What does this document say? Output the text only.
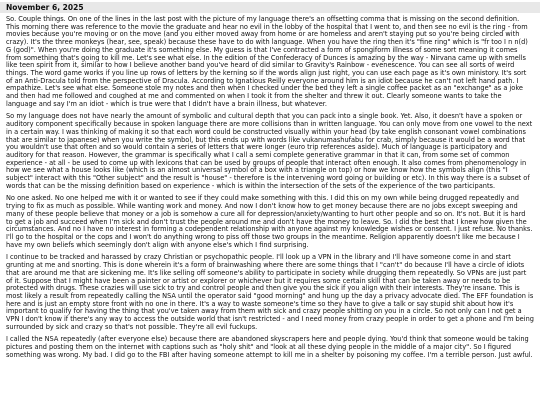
November 6, 2025

So. Couple things. On one of the lines in the last post with the picture of my language there's an offsetting comma that is missing on the second definition. This morning there was reference to the movie the graduate and hear no evil in the lobby of the hospital that I went to, and then see no evil is the ring - from movies because you're moving or on the move (and you either moved away from home or are homeless and aren't staying put so you're being circled with crazy). It's the three monkeys (hear, see, speak) because these have to do with language. When you have the ring then it's "fine ring" which is "fr too I n n(d) G (god)". When you're doing the graduate it's something else. My guess is that I've contracted a form of spongiform illness of some sort meaning it comes from something that's going to kill me. Let's see what else. In the edition of the Confederacy of Dunces is amazing by the way - Nirvana came up with smells like teen spirit from it, similar to how I believe another band you've heard of did similar to Gravity's Rainbow - evenescence. You can see all sorts of weird things. The word game works if you line up rows of letters by the kerning so if the words align just right, you can use each page as it's own ministory. It's sort of an Anti-Dracula told from the perspective of Dracula. According to Ignatious Reilly everyone around him is an idiot because he can't not left hand path. I empathize. Let's see what else. Someone stole my notes and then when I checked under the bed they left a single coffee packet as an "exchange" as a joke and then had me followed and coughed at me and commented on when I took it from the shelter and threw it out. Clearly someone wants to take the language and say I'm an idiot - which is true were that I didn't have a brain illness, but whatever.

So my language does not have nearly the amount of symbolic and cultural depth that you can pack into a single book. Yet. Also, it doesn't have a spoken or auditory component specifically because in spoken language there are more collisions than in written language. You can only move from one vowel to the next in a certain way. I was thinking of making it so that each word could be constructed visually within your head (by take english consonant vowel combinations that are similar to japanese) when you write the symbol, but this ends up with words like vukanumashufabu for crab, simply because it would be a word that you wouldn't use that often and so would contain a series of letters that were longer (euro trip references aside). Much of language is participatory and auditory for that reason. However, the grammar is specifically what I call a semi complete generative grammar in that it can, from some set of common experience - at all - be used to come up with lexicons that can be used by groups of people that interact often enough. It also comes from phenomenology in how we see what a house looks like (which is an almost universal symbol of a box with a triangle on top) or how we know how the symbols align (this "I subject" interact with this "Other subject" and the result is "house" - therefore is the intervening word going or building or etc). In this way there is a subset of words that can be the missing definition based on experience - which is within the intersection of the sets of the experience of the two participants.

No one asked. No one helped me with it or wanted to see if they could make something with this. I did this on my own while being drugged repeatedly and trying to fix as much as possible. While wanting work and money. And now I don't know how to get money because there are no jobs except sweeping and many of these people believe that money or a job is somehow a cure all for depression/anxiety/wanting to hurt other people and so on. It's not. But it is hard to get a job and succeed when I'm sick and don't trust the people around me and don't have the money to leave. So. I did the best that I knew how given the circumstances. And no I have no interest in forming a codependent relationship with anyone against my knowledge wishes or consent. I just refuse. No thanks. I'll go to the hospital or the cops and I won't do anything wrong to piss off those two groups in the meantime. Religion apparently doesn't like me because I have my own beliefs which seemingly don't align with anyone else's which I find surprising.

I continue to be tracked and harassed by crazy Christian or psychopathic people. I'll look up a VPN in the library and I'll have someone come in and start grunting at me and snorting. This is done wherein it's a form of brainwashing where there are some things that I "can't" do because I'll have a circle of idiots that are around me that are sickening me. It's like selling off someone's ability to participate in society while drugging them repeatedly. So VPNs are just part of it. Suppose that I might have been a painter or artist or explorer or whichever but it requires some certain skill that can be taken away or needs to be protected with drugs. These crazies will use sick to try and control people and then give you the sick if you align with their interests. They're insane. This is most likely a result from repeatedly calling the NSA until the operator said "good morning" and hung up the day a privacy advocate died. The EFF foundation is here and is just an empty store front with no one in there. It's a way to waste someone's time so they have to give a talk or say stupid shit about how it's important to qualify for having the thing that you've taken away from them with sick and crazy people shitting on you in a circle. So not only can I not get a VPN I don't know if there's any way to access the outside world that isn't restricted - and I need money from crazy people in order to get a phone and I'm being surrounded by sick and crazy so that's not possible. They're all evil fuckups.

I called the NSA repeatedly (after everyone else) because there are abandoned skyscrapers here and people dying. You'd think that someone would be taking pictures and posting them on the internet with captions such as "holy shit" and "look at all these dying people in the middle of a major city". So I figured something was wrong. My bad. I did go to the FBI after having someone attempt to kill me in a shelter by poisoning my coffee. I'm a terrible person. Just awful.
